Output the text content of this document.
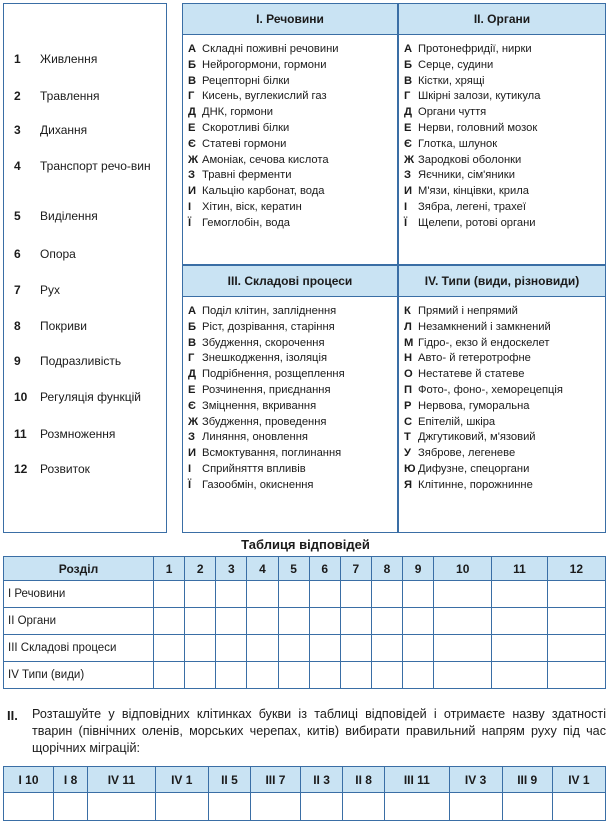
1	Живлення
2	Травлення
3	Дихання
4	Транспорт речо-вин
5	Виділення
6	Опора
7	Рух
8	Покриви
9	Подразливість
10	Регуляція функцій
11	Розмноження
12	Розвиток
I. Речовини
А Складні поживні речовини
Б Нейрогормони, гормони
В Рецепторні білки
Г Кисень, вуглекислий газ
Д ДНК, гормони
Е Скоротливі білки
Є Статеві гормони
Ж Амоніак, сечова кислота
З Травні ферменти
И Кальцію карбонат, вода
І Хітин, віск, кератин
Ї Гемоглобін, вода
II. Органи
А Протонефридії, нирки
Б Серце, судини
В Кістки, хрящі
Г Шкірні залози, кутикула
Д Органи чуття
Е Нерви, головний мозок
Є Глотка, шлунок
Ж Зародкові оболонки
З Яєчники, сім'яники
И М'язи, кінцівки, крила
І Зябра, легені, трахеї
Ї Щелепи, ротові органи
III. Складові процеси
А Поділ клітин, запліднення
Б Ріст, дозрівання, старіння
В Збудження, скорочення
Г Знешкодження, ізоляція
Д Подрібнення, розщеплення
Е Розчинення, приєднання
Є Зміцнення, вкривання
Ж Збудження, проведення
З Линяння, оновлення
И Всмоктування, поглинання
І Сприйняття впливів
Ї Газообмін, окиснення
IV. Типи (види, різновиди)
К Прямий і непрямий
Л Незамкнений і замкнений
М Гідро-, екзо й ендоскелет
Н Авто- й гетеротрофне
О Нестатеве й статеве
П Фото-, фоно-, хеморецепція
Р Нервова, гуморальна
С Епітелій, шкіра
Т Джгутиковий, м'язовий
У Зяброве, легеневе
Ю Дифузне, спецоргани
Я Клітинне, порожнинне
Таблиця відповідей
Розділ	1	2	3	4	5	6	7	8	9	10	11	12
I Речовини												
II Органи												
III Складові процеси												
IV Типи (види)												
II. Розташуйте у відповідних клітинках букви із таблиці відповідей і отримаєте назву здатності тварин (північних оленів, морських черепах, китів) вибирати правильний напрям руху під час щорічних міграцій:
I 10	I 8	IV 11	IV 1	II 5	III 7	II 3	II 8	III 11	IV 3	III 9	IV 1
